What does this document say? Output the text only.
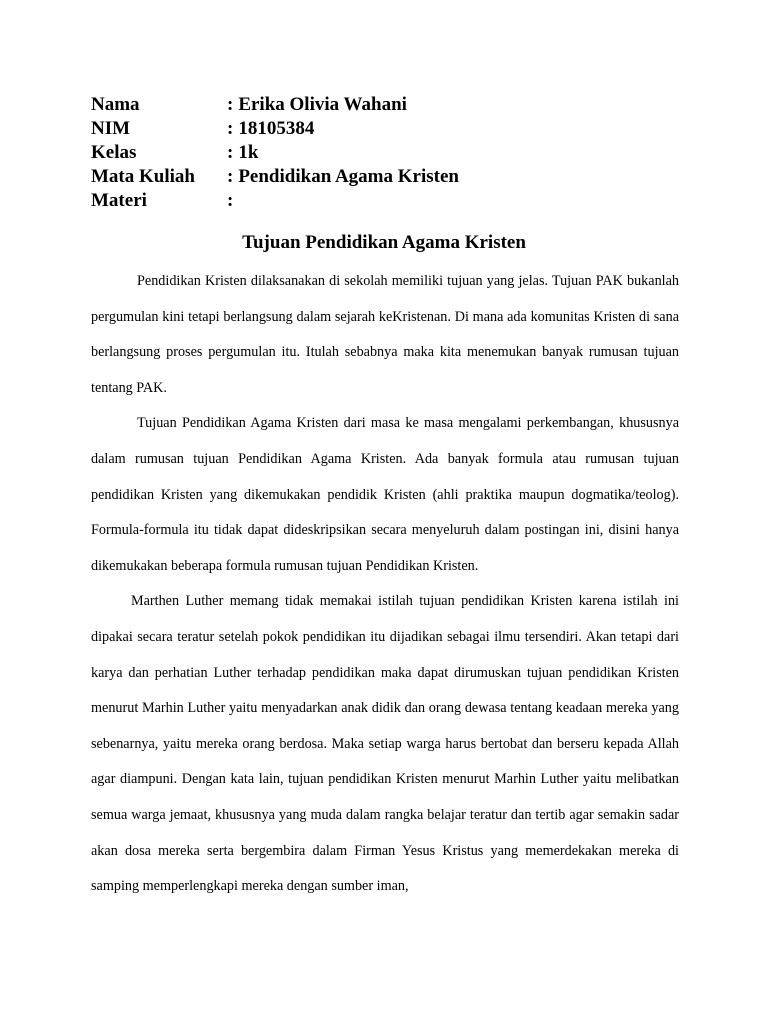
Nama	: Erika Olivia Wahani
NIM	: 18105384
Kelas	: 1k
Mata Kuliah	: Pendidikan Agama Kristen
Materi	:
Tujuan Pendidikan Agama Kristen

Pendidikan Kristen dilaksanakan di sekolah memiliki tujuan yang jelas. Tujuan PAK bukanlah pergumulan kini tetapi berlangsung dalam sejarah keKristenan. Di mana ada komunitas Kristen di sana berlangsung proses pergumulan itu. Itulah sebabnya maka kita menemukan banyak rumusan tujuan tentang PAK.

Tujuan Pendidikan Agama Kristen dari masa ke masa mengalami perkembangan, khususnya dalam rumusan tujuan Pendidikan Agama Kristen. Ada banyak formula atau rumusan tujuan pendidikan Kristen yang dikemukakan pendidik Kristen (ahli praktika maupun dogmatika/teolog). Formula-formula itu tidak dapat dideskripsikan secara menyeluruh dalam postingan ini, disini hanya dikemukakan beberapa formula rumusan tujuan Pendidikan Kristen.

Marthen Luther memang tidak memakai istilah tujuan pendidikan Kristen karena istilah ini dipakai secara teratur setelah pokok pendidikan itu dijadikan sebagai ilmu tersendiri. Akan tetapi dari karya dan perhatian Luther terhadap pendidikan maka dapat dirumuskan tujuan pendidikan Kristen menurut Marhin Luther yaitu menyadarkan anak didik dan orang dewasa tentang keadaan mereka yang sebenarnya, yaitu mereka orang berdosa. Maka setiap warga harus bertobat dan berseru kepada Allah agar diampuni. Dengan kata lain, tujuan pendidikan Kristen menurut Marhin Luther yaitu melibatkan semua warga jemaat, khususnya yang muda dalam rangka belajar teratur dan tertib agar semakin sadar akan dosa mereka serta bergembira dalam Firman Yesus Kristus yang memerdekakan mereka di samping memperlengkapi mereka dengan sumber iman,
